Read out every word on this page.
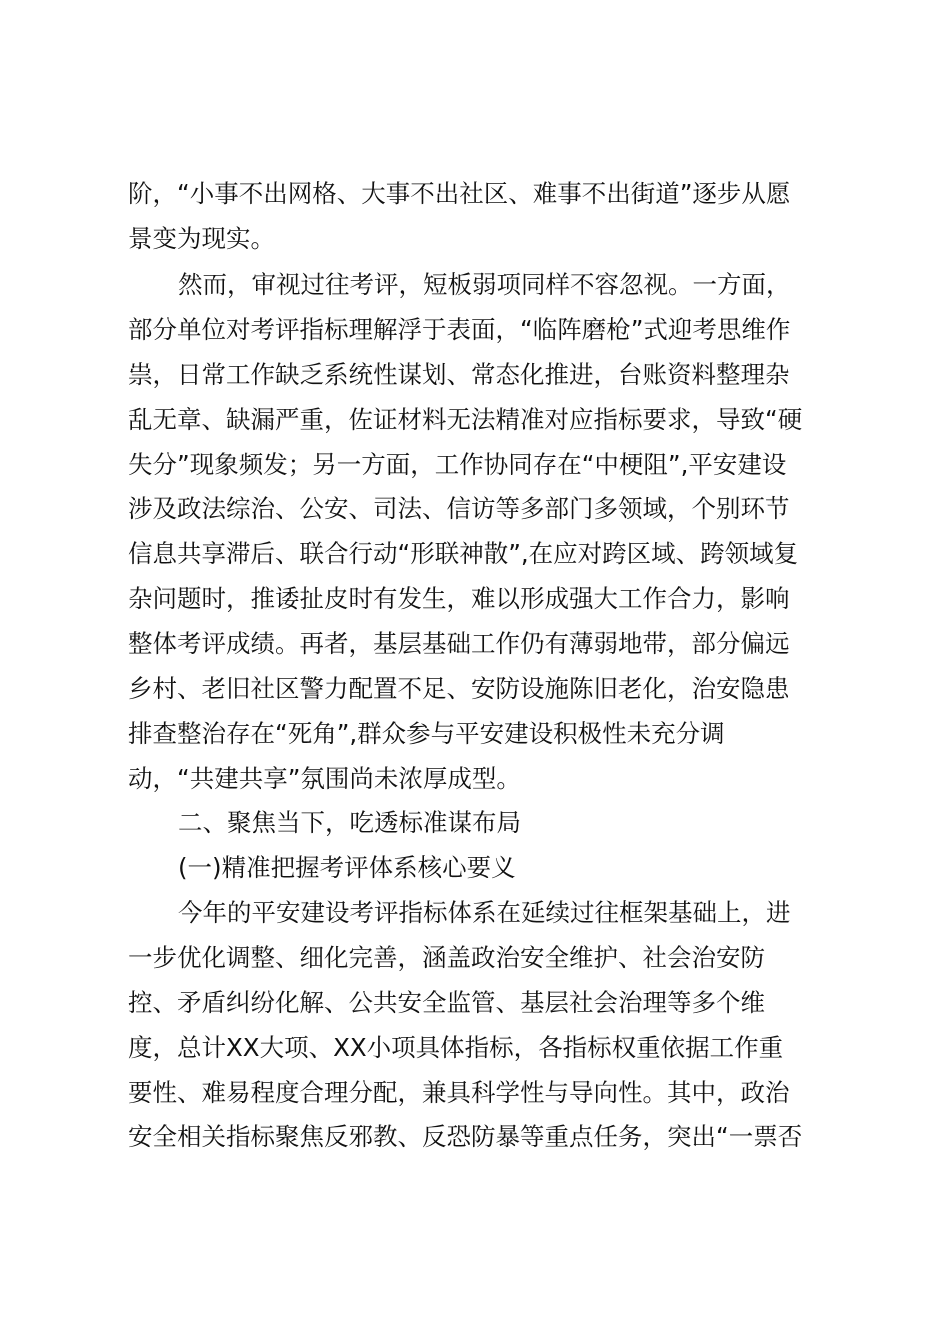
阶，“小事不出网格、大事不出社区、难事不出街道”逐步从愿
景变为现实。
然而，审视过往考评，短板弱项同样不容忽视。一方面，
部分单位对考评指标理解浮于表面，“临阵磨枪”式迎考思维作
祟，日常工作缺乏系统性谋划、常态化推进，台账资料整理杂
乱无章、缺漏严重，佐证材料无法精准对应指标要求，导致“硬
失分”现象频发；另一方面，工作协同存在“中梗阻”,平安建设
涉及政法综治、公安、司法、信访等多部门多领域，个别环节
信息共享滞后、联合行动“形联神散”,在应对跨区域、跨领域复
杂问题时，推诿扯皮时有发生，难以形成强大工作合力，影响
整体考评成绩。再者，基层基础工作仍有薄弱地带，部分偏远
乡村、老旧社区警力配置不足、安防设施陈旧老化，治安隐患
排查整治存在“死角”,群众参与平安建设积极性未充分调
动，“共建共享”氛围尚未浓厚成型。
二、聚焦当下，吃透标准谋布局
(一)精准把握考评体系核心要义
今年的平安建设考评指标体系在延续过往框架基础上，进
一步优化调整、细化完善，涵盖政治安全维护、社会治安防
控、矛盾纠纷化解、公共安全监管、基层社会治理等多个维
度，总计XX大项、XX小项具体指标，各指标权重依据工作重
要性、难易程度合理分配，兼具科学性与导向性。其中，政治
安全相关指标聚焦反邪教、反恐防暴等重点任务，突出“一票否
